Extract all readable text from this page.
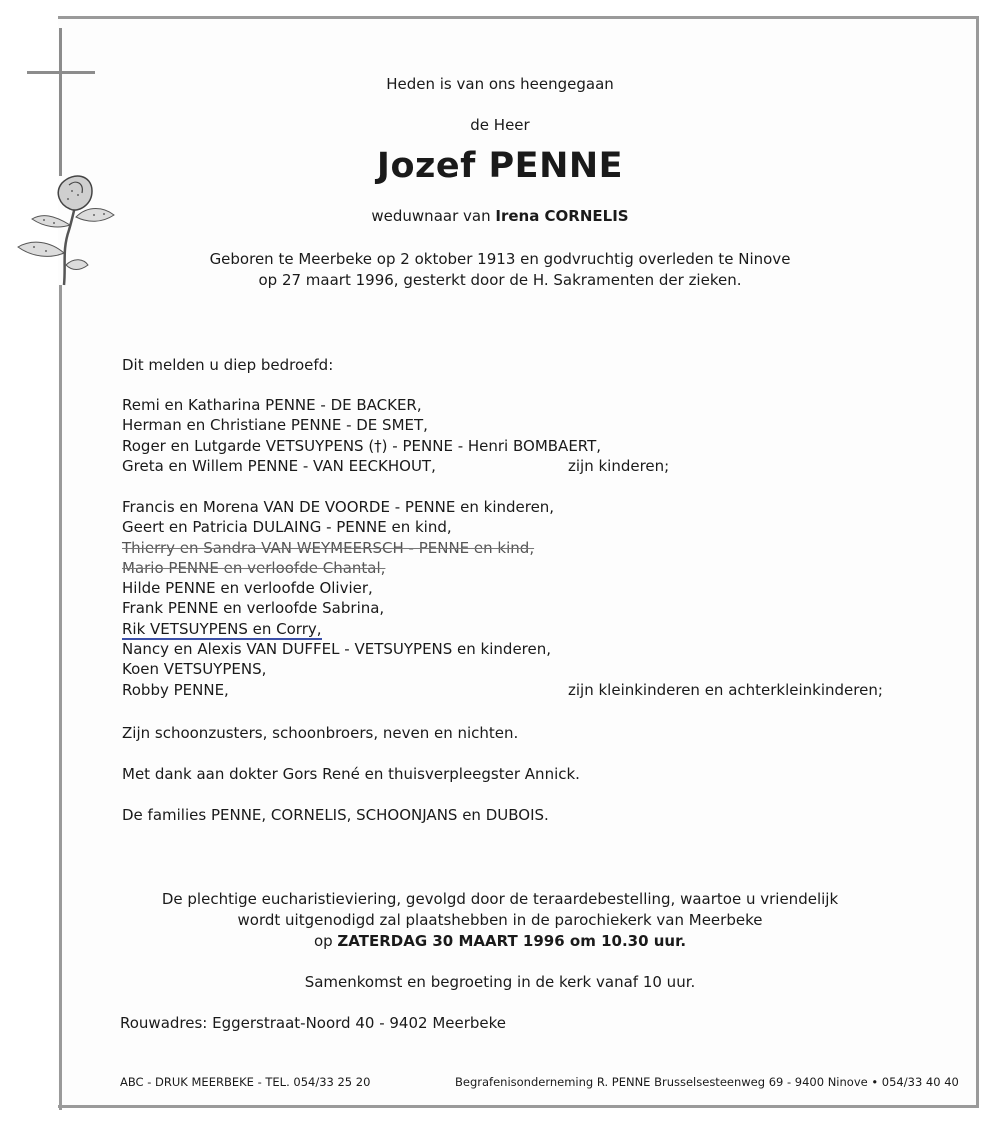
Heden is van ons heengegaan
de Heer
Jozef PENNE
weduwnaar van Irena CORNELIS
Geboren te Meerbeke op 2 oktober 1913 en godvruchtig overleden te Ninove
op 27 maart 1996, gesterkt door de H. Sakramenten der zieken.
Dit melden u diep bedroefd:
Remi en Katharina PENNE - DE BACKER,
Herman en Christiane PENNE - DE SMET,
Roger en Lutgarde VETSUYPENS (†) - PENNE - Henri BOMBAERT,
Greta en Willem PENNE - VAN EECKHOUT,	zijn kinderen;
Francis en Morena VAN DE VOORDE - PENNE en kinderen,
Geert en Patricia DULAING - PENNE en kind,
Thierry en Sandra VAN WEYMEERSCH - PENNE en kind,
Mario PENNE en verloofde Chantal,
Hilde PENNE en verloofde Olivier,
Frank PENNE en verloofde Sabrina,
Rik VETSUYPENS en Corry,
Nancy en Alexis VAN DUFFEL - VETSUYPENS en kinderen,
Koen VETSUYPENS,
Robby PENNE,	zijn kleinkinderen en achterkleinkinderen;
Zijn schoonzusters, schoonbroers, neven en nichten.
Met dank aan dokter Gors René en thuisverpleegster Annick.
De families PENNE, CORNELIS, SCHOONJANS en DUBOIS.
De plechtige eucharistieviering, gevolgd door de teraardebestelling, waartoe u vriendelijk
wordt uitgenodigd zal plaatshebben in de parochiekerk van Meerbeke
op ZATERDAG 30 MAART 1996 om 10.30 uur.
Samenkomst en begroeting in de kerk vanaf 10 uur.
Rouwadres: Eggerstraat-Noord 40 - 9402 Meerbeke
ABC - DRUK MEERBEKE - TEL. 054/33 25 20	Begrafenisonderneming R. PENNE Brusselsesteenweg 69 - 9400 Ninove • 054/33 40 40
